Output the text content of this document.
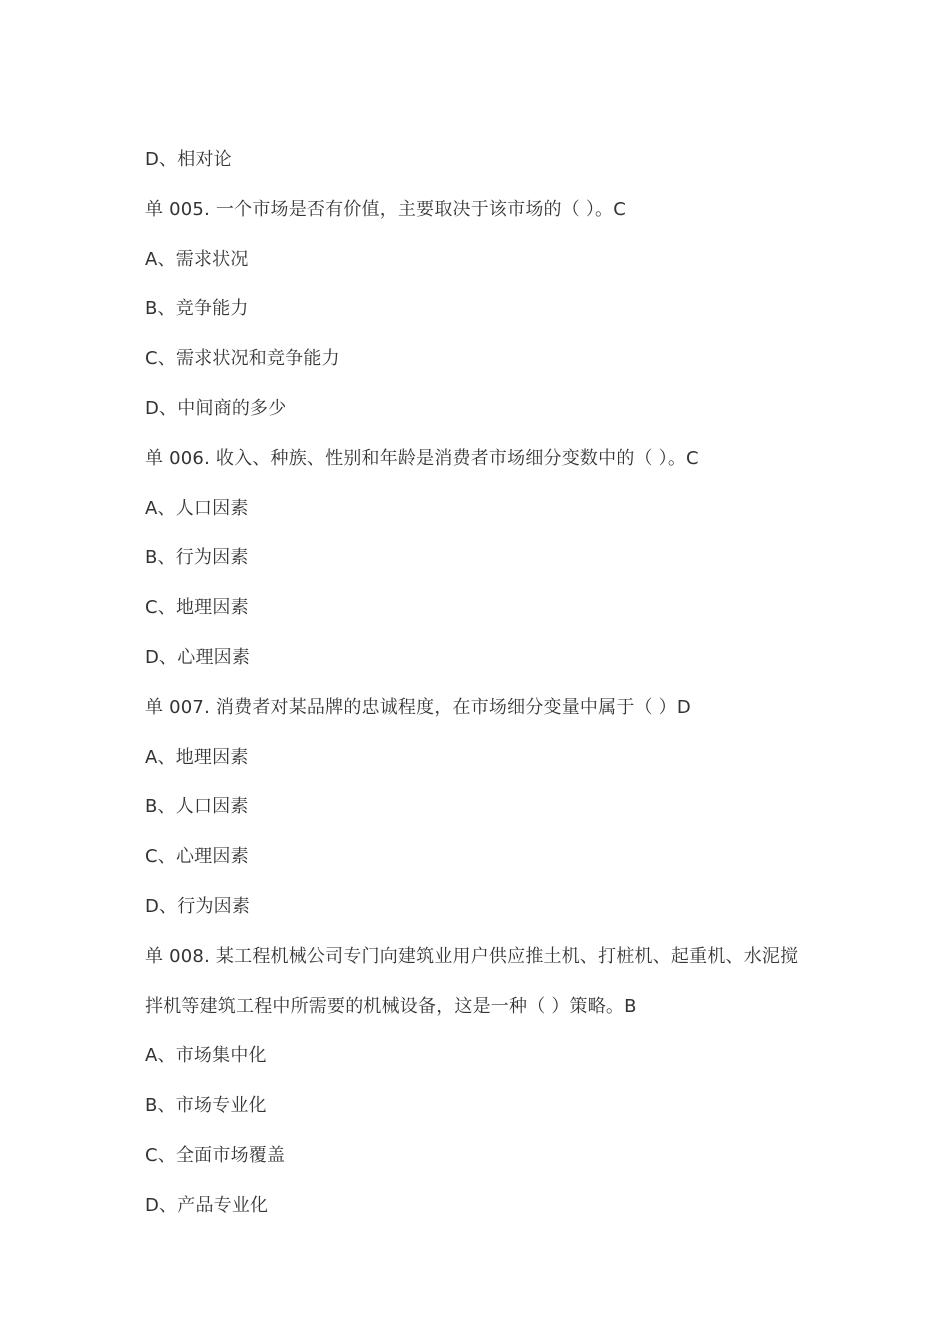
D、相对论
单 005. 一个市场是否有价值，主要取决于该市场的（ ）。C
A、需求状况
B、竞争能力
C、需求状况和竞争能力
D、中间商的多少
单 006. 收入、种族、性别和年龄是消费者市场细分变数中的（ ）。C
A、人口因素
B、行为因素
C、地理因素
D、心理因素
单 007. 消费者对某品牌的忠诚程度，在市场细分变量中属于（ ）D
A、地理因素
B、人口因素
C、心理因素
D、行为因素
单 008. 某工程机械公司专门向建筑业用户供应推土机、打桩机、起重机、水泥搅
拌机等建筑工程中所需要的机械设备，这是一种（ ）策略。B
A、市场集中化
B、市场专业化
C、全面市场覆盖
D、产品专业化
